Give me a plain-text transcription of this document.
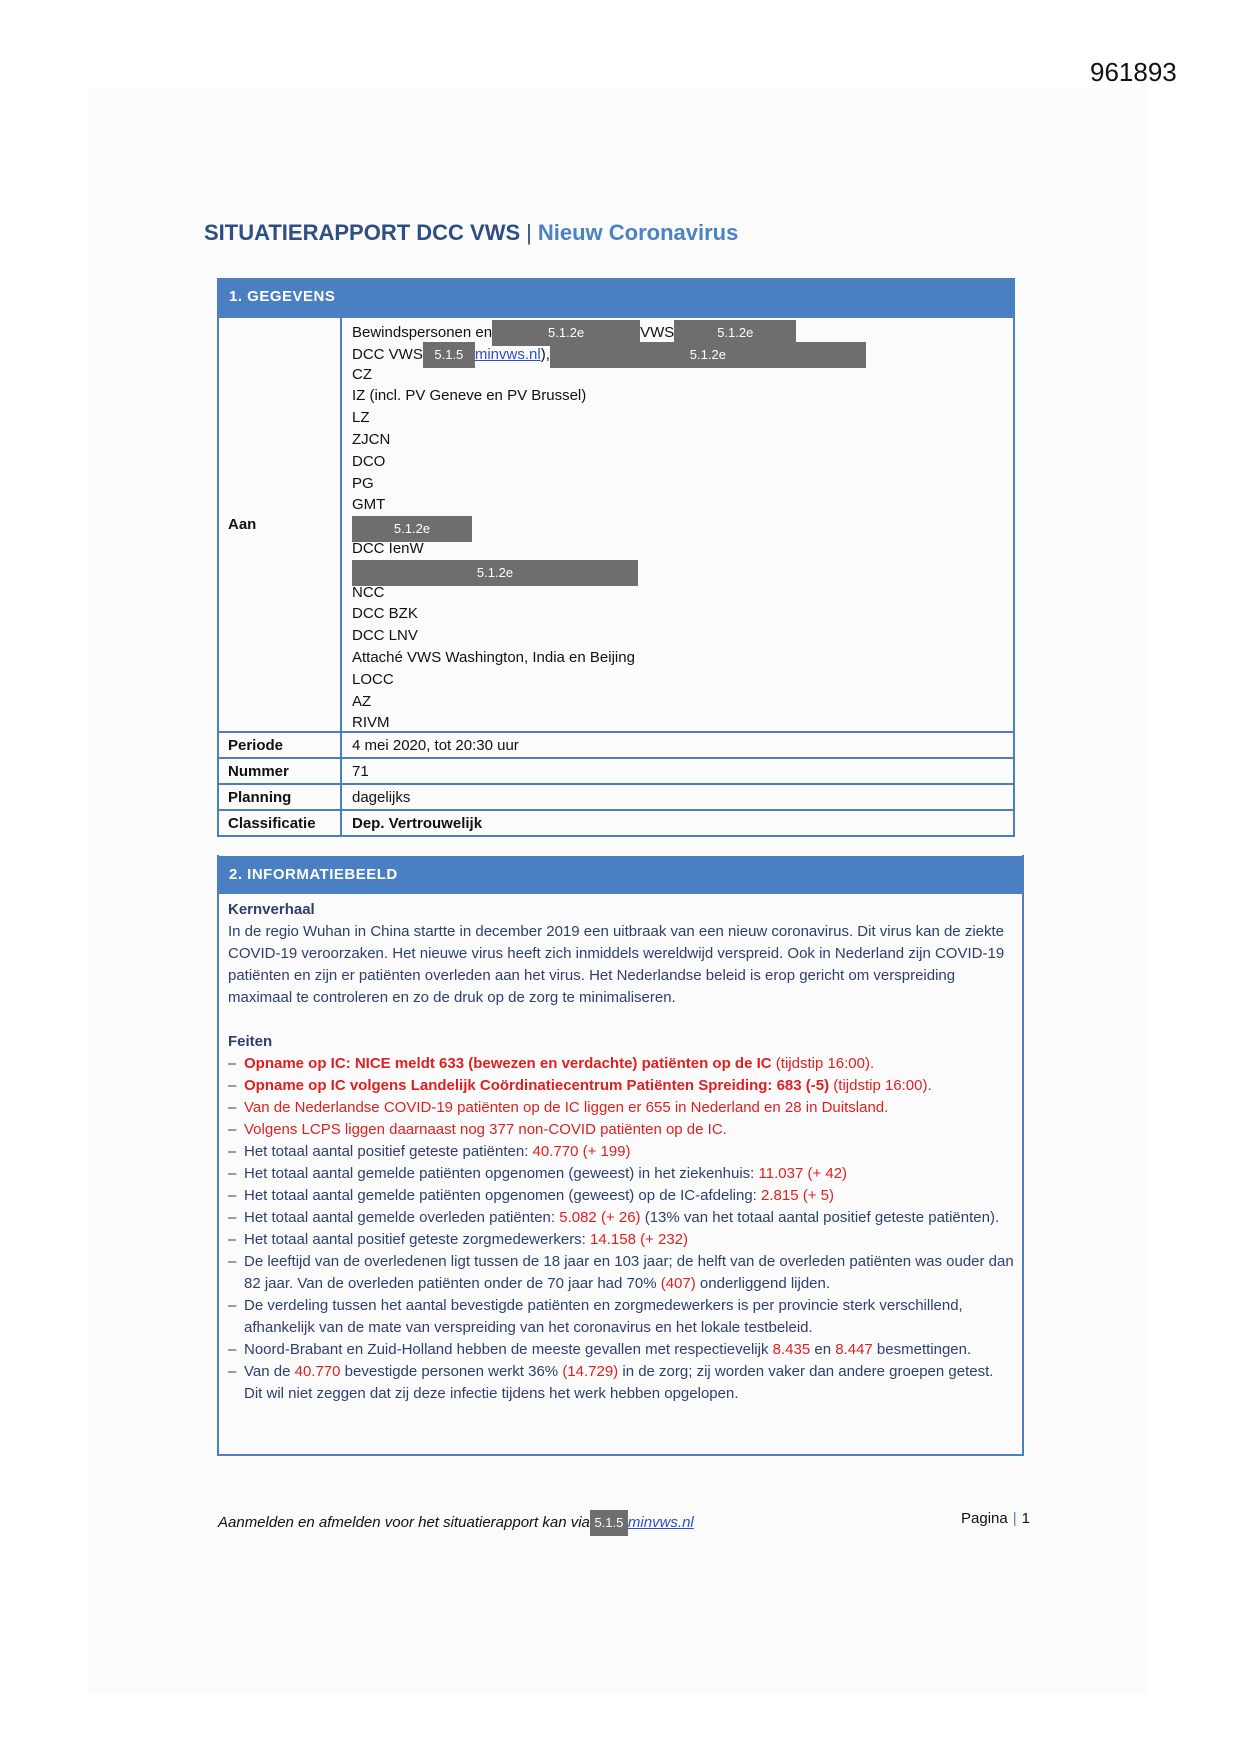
961893
SITUATIERAPPORT DCC VWS | Nieuw Coronavirus
1. GEGEVENS
Aan
Bewindspersonen en	5.1.2e	VWS	5.1.2e
DCC VWS 5.1.5 minvws.nl),	5.1.2e
CZ
IZ (incl. PV Geneve en PV Brussel)
LZ
ZJCN
DCO
PG
GMT
5.1.2e
DCC IenW
5.1.2e
NCC
DCC BZK
DCC LNV
Attaché VWS Washington, India en Beijing
LOCC
AZ
RIVM
Periode	4 mei 2020, tot 20:30 uur
Nummer	71
Planning	dagelijks
Classificatie	Dep. Vertrouwelijk
2. INFORMATIEBEELD
Kernverhaal

In de regio Wuhan in China startte in december 2019 een uitbraak van een nieuw coronavirus. Dit virus kan de ziekte COVID-19 veroorzaken. Het nieuwe virus heeft zich inmiddels wereldwijd verspreid. Ook in Nederland zijn COVID-19 patiënten en zijn er patiënten overleden aan het virus. Het Nederlandse beleid is erop gericht om verspreiding maximaal te controleren en zo de druk op de zorg te minimaliseren.

Feiten
– Opname op IC: NICE meldt 633 (bewezen en verdachte) patiënten op de IC (tijdstip 16:00).
– Opname op IC volgens Landelijk Coördinatiecentrum Patiënten Spreiding: 683 (-5) (tijdstip 16:00).
– Van de Nederlandse COVID-19 patiënten op de IC liggen er 655 in Nederland en 28 in Duitsland.
– Volgens LCPS liggen daarnaast nog 377 non-COVID patiënten op de IC.
– Het totaal aantal positief geteste patiënten: 40.770 (+ 199)
– Het totaal aantal gemelde patiënten opgenomen (geweest) in het ziekenhuis: 11.037 (+ 42)
– Het totaal aantal gemelde patiënten opgenomen (geweest) op de IC-afdeling: 2.815 (+ 5)
– Het totaal aantal gemelde overleden patiënten: 5.082 (+ 26) (13% van het totaal aantal positief geteste patiënten).
– Het totaal aantal positief geteste zorgmedewerkers: 14.158 (+ 232)
– De leeftijd van de overledenen ligt tussen de 18 jaar en 103 jaar; de helft van de overleden patiënten was ouder dan 82 jaar. Van de overleden patiënten onder de 70 jaar had 70% (407) onderliggend lijden.
– De verdeling tussen het aantal bevestigde patiënten en zorgmedewerkers is per provincie sterk verschillend, afhankelijk van de mate van verspreiding van het coronavirus en het lokale testbeleid.
– Noord-Brabant en Zuid-Holland hebben de meeste gevallen met respectievelijk 8.435 en 8.447 besmettingen.
– Van de 40.770 bevestigde personen werkt 36% (14.729) in de zorg; zij worden vaker dan andere groepen getest. Dit wil niet zeggen dat zij deze infectie tijdens het werk hebben opgelopen.
Aanmelden en afmelden voor het situatierapport kan via 5.1.5 minvws.nl	Pagina | 1
